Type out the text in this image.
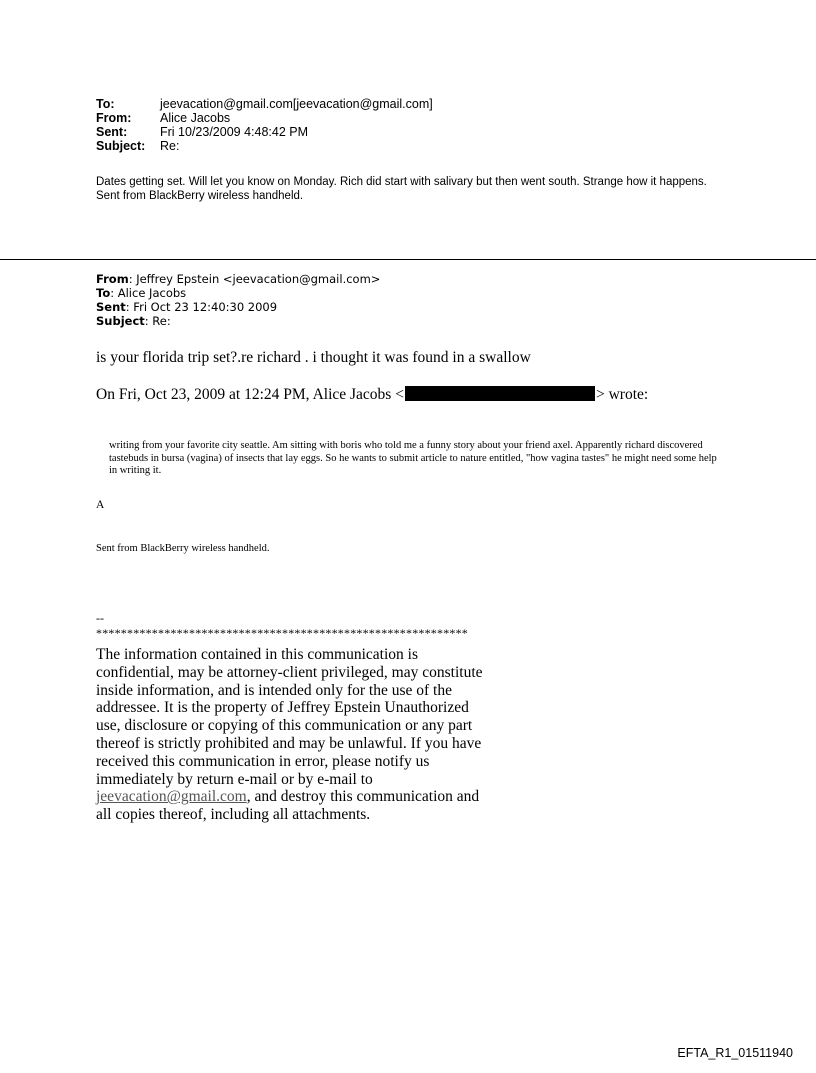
To:	jeevacation@gmail.com[jeevacation@gmail.com]
From:	Alice Jacobs
Sent:	Fri 10/23/2009 4:48:42 PM
Subject:	Re:
Dates getting set. Will let you know on Monday. Rich did start with salivary but then went south. Strange how it happens.
Sent from BlackBerry wireless handheld.
From: Jeffrey Epstein <jeevacation@gmail.com>
To: Alice Jacobs
Sent: Fri Oct 23 12:40:30 2009
Subject: Re:
is your florida trip set?.re richard . i thought it was found in a swallow
On Fri, Oct 23, 2009 at 12:24 PM, Alice Jacobs <	> wrote:
writing from your favorite city seattle. Am sitting with boris who told me a funny story about your friend axel. Apparently richard discovered tastebuds in bursa (vagina) of insects that lay eggs. So he wants to submit article to nature entitled, "how vagina tastes" he might need some help in writing it.
A
Sent from BlackBerry wireless handheld.
--
************************************************************
The information contained in this communication is confidential, may be attorney-client privileged, may constitute inside information, and is intended only for the use of the addressee. It is the property of Jeffrey Epstein Unauthorized use, disclosure or copying of this communication or any part thereof is strictly prohibited and may be unlawful. If you have received this communication in error, please notify us immediately by return e-mail or by e-mail to jeevacation@gmail.com, and destroy this communication and all copies thereof, including all attachments.
EFTA_R1_01511940
